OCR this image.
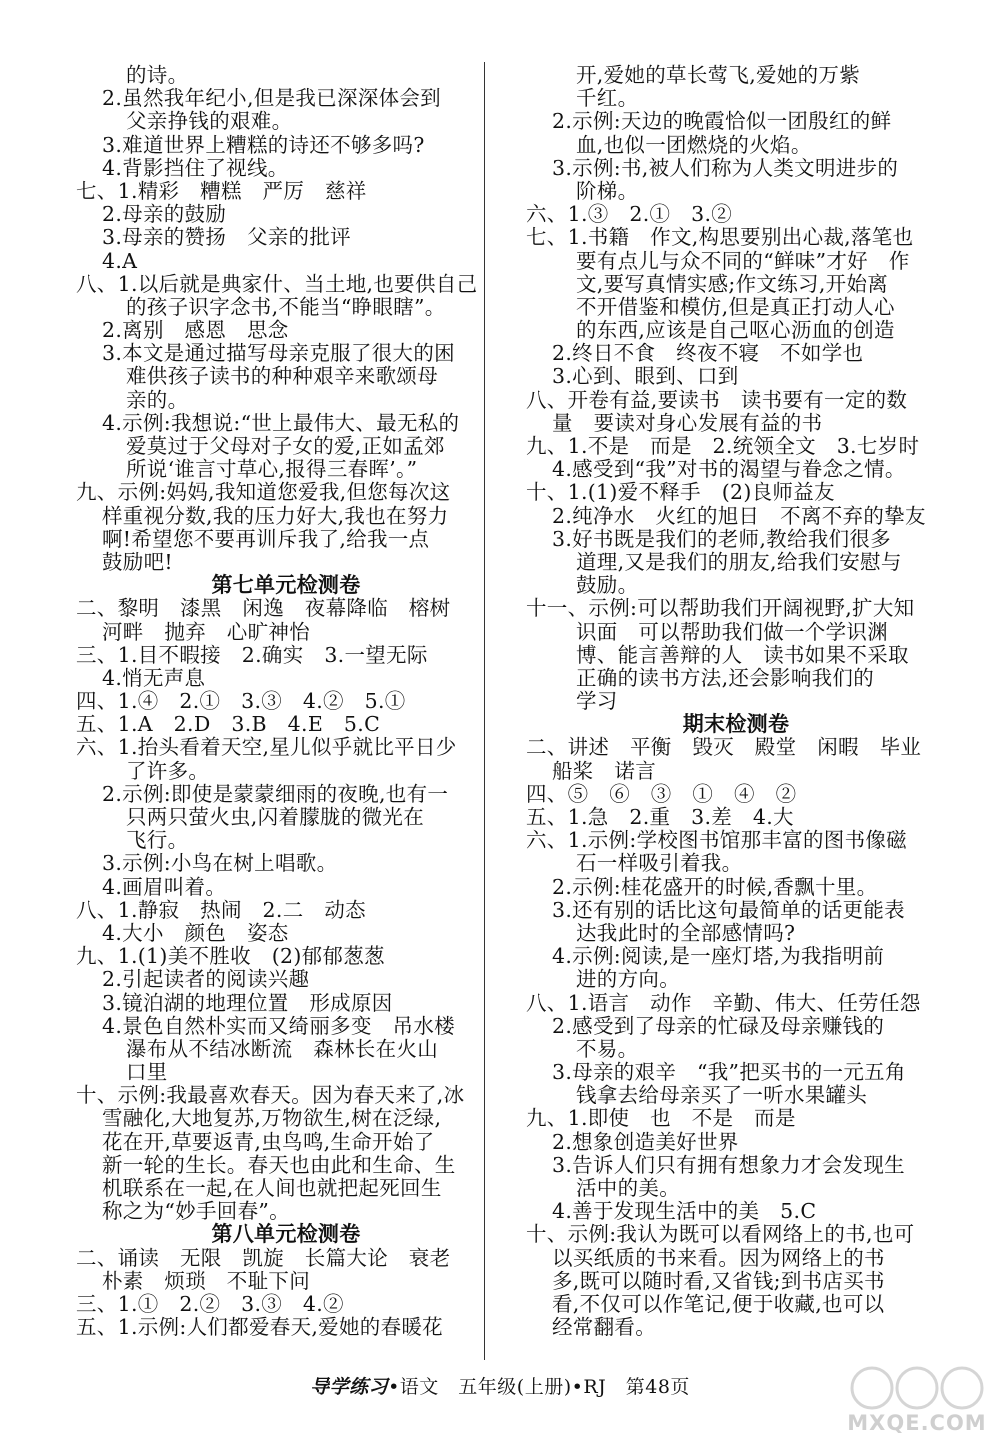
的诗。
2.虽然我年纪小,但是我已深深体会到
父亲挣钱的艰难。
3.难道世界上糟糕的诗还不够多吗?
4.背影挡住了视线。
七、1.精彩　糟糕　严厉　慈祥
2.母亲的鼓励
3.母亲的赞扬　父亲的批评
4.A
八、1.以后就是典家什、当土地,也要供自己
的孩子识字念书,不能当“睁眼瞎”。
2.离别　感恩　思念
3.本文是通过描写母亲克服了很大的困
难供孩子读书的种种艰辛来歌颂母
亲的。
4.示例:我想说:“世上最伟大、最无私的
爱莫过于父母对子女的爱,正如孟郊
所说‘谁言寸草心,报得三春晖’。”
九、示例:妈妈,我知道您爱我,但您每次这
样重视分数,我的压力好大,我也在努力
啊!希望您不要再训斥我了,给我一点
鼓励吧!
第七单元检测卷
二、黎明　漆黑　闲逸　夜幕降临　榕树
河畔　抛弃　心旷神怡
三、1.目不暇接　2.确实　3.一望无际
4.悄无声息
四、1.④　2.①　3.③　4.②　5.①
五、1.A　2.D　3.B　4.E　5.C
六、1.抬头看着天空,星儿似乎就比平日少
了许多。
2.示例:即使是蒙蒙细雨的夜晚,也有一
只两只萤火虫,闪着朦胧的微光在
飞行。
3.示例:小鸟在树上唱歌。
4.画眉叫着。
八、1.静寂　热闹　2.二　动态
4.大小　颜色　姿态
九、1.(1)美不胜收　(2)郁郁葱葱
2.引起读者的阅读兴趣
3.镜泊湖的地理位置　形成原因
4.景色自然朴实而又绮丽多变　吊水楼
瀑布从不结冰断流　森林长在火山
口里
十、示例:我最喜欢春天。因为春天来了,冰
雪融化,大地复苏,万物欲生,树在泛绿,
花在开,草要返青,虫鸟鸣,生命开始了
新一轮的生长。春天也由此和生命、生
机联系在一起,在人间也就把起死回生
称之为“妙手回春”。
第八单元检测卷
二、诵读　无限　凯旋　长篇大论　衰老
朴素　烦琐　不耻下问
三、1.①　2.②　3.③　4.②
五、1.示例:人们都爱春天,爱她的春暖花
开,爱她的草长莺飞,爱她的万紫
千红。
2.示例:天边的晚霞恰似一团殷红的鲜
血,也似一团燃烧的火焰。
3.示例:书,被人们称为人类文明进步的
阶梯。
六、1.③　2.①　3.②
七、1.书籍　作文,构思要别出心裁,落笔也
要有点儿与众不同的“鲜味”才好　作
文,要写真情实感;作文练习,开始离
不开借鉴和模仿,但是真正打动人心
的东西,应该是自己呕心沥血的创造
2.终日不食　终夜不寝　不如学也
3.心到、眼到、口到
八、开卷有益,要读书　读书要有一定的数
量　要读对身心发展有益的书
九、1.不是　而是　2.统领全文　3.七岁时
4.感受到“我”对书的渴望与眷念之情。
十、1.(1)爱不释手　(2)良师益友
2.纯净水　火红的旭日　不离不弃的挚友
3.好书既是我们的老师,教给我们很多
道理,又是我们的朋友,给我们安慰与
鼓励。
十一、示例:可以帮助我们开阔视野,扩大知
识面　可以帮助我们做一个学识渊
博、能言善辩的人　读书如果不采取
正确的读书方法,还会影响我们的
学习
期末检测卷
二、讲述　平衡　毁灭　殿堂　闲暇　毕业
船桨　诺言
四、⑤　⑥　③　①　④　②
五、1.急　2.重　3.差　4.大
六、1.示例:学校图书馆那丰富的图书像磁
石一样吸引着我。
2.示例:桂花盛开的时候,香飘十里。
3.还有别的话比这句最简单的话更能表
达我此时的全部感情吗?
4.示例:阅读,是一座灯塔,为我指明前
进的方向。
八、1.语言　动作　辛勤、伟大、任劳任怨
2.感受到了母亲的忙碌及母亲赚钱的
不易。
3.母亲的艰辛　“我”把买书的一元五角
钱拿去给母亲买了一听水果罐头
九、1.即使　也　不是　而是
2.想象创造美好世界
3.告诉人们只有拥有想象力才会发现生
活中的美。
4.善于发现生活中的美　5.C
十、示例:我认为既可以看网络上的书,也可
以买纸质的书来看。因为网络上的书
多,既可以随时看,又省钱;到书店买书
看,不仅可以作笔记,便于收藏,也可以
经常翻看。
导学练习•语文　五年级(上册)•RJ　第48页
MXQE.COM
